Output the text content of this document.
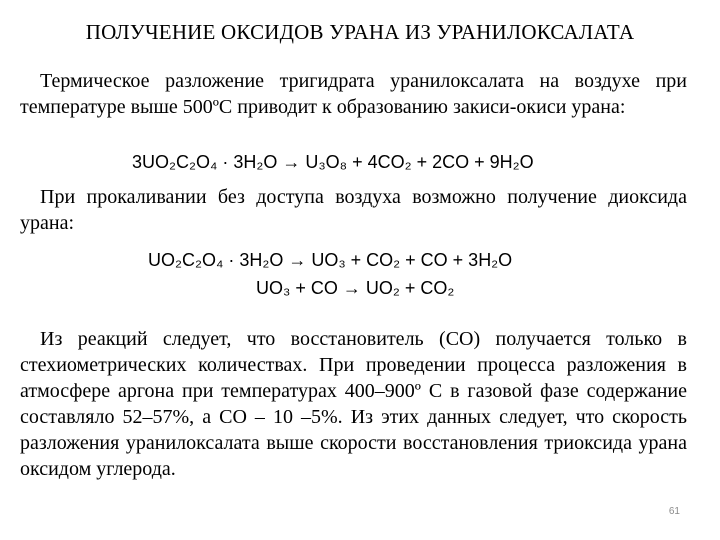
ПОЛУЧЕНИЕ ОКСИДОВ УРАНА ИЗ УРАНИЛОКСАЛАТА
Термическое разложение тригидрата уранилоксалата на воздухе при температуре выше 500ºС приводит к образованию закиси-окиси урана:
3UO₂C₂O₄ · 3H₂O → U₃O₈ + 4CO₂ + 2CO + 9H₂O
При прокаливании без доступа воздуха возможно получение диоксида урана:
UO₂C₂O₄ · 3H₂O → UO₃ + CO₂ + CO + 3H₂O
UO₃ + CO → UO₂ + CO₂
Из реакций следует, что восстановитель (CO) получается только в стехиометрических количествах. При проведении процесса разложения в атмосфере аргона при температурах 400–900º С в газовой фазе содержание составляло 52–57%, а СО – 10 –5%. Из этих данных следует, что скорость разложения уранилоксалата выше скорости восстановления триоксида урана оксидом углерода.
61
